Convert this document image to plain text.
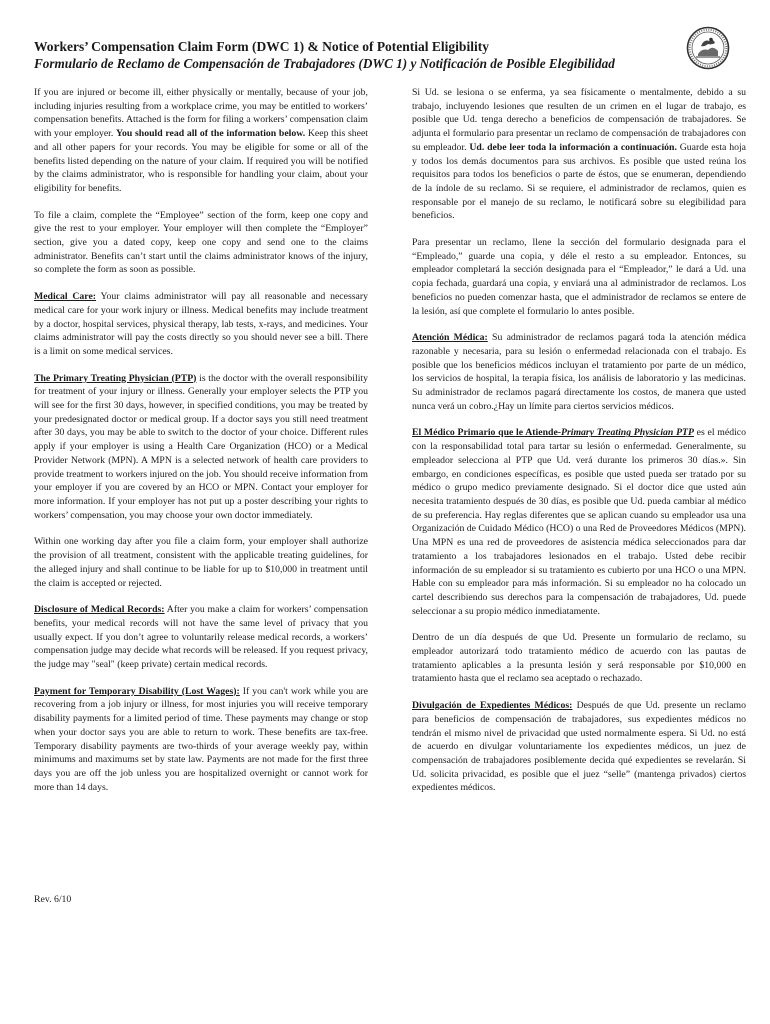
Workers’ Compensation Claim Form (DWC 1) & Notice of Potential Eligibility
Formulario de Reclamo de Compensación de Trabajadores (DWC 1) y Notificación de Posible Elegibilidad

If you are injured or become ill, either physically or mentally, because of your job, including injuries resulting from a workplace crime, you may be entitled to workers’ compensation benefits. Attached is the form for filing a workers’ compensation claim with your employer. You should read all of the information below. Keep this sheet and all other papers for your records. You may be eligible for some or all of the benefits listed depending on the nature of your claim. If required you will be notified by the claims administrator, who is responsible for handling your claim, about your eligibility for benefits.

To file a claim, complete the “Employee” section of the form, keep one copy and give the rest to your employer. Your employer will then complete the “Employer” section, give you a dated copy, keep one copy and send one to the claims administrator. Benefits can’t start until the claims administrator knows of the injury, so complete the form as soon as possible.

Medical Care: Your claims administrator will pay all reasonable and necessary medical care for your work injury or illness. Medical benefits may include treatment by a doctor, hospital services, physical therapy, lab tests, x-rays, and medicines. Your claims administrator will pay the costs directly so you should never see a bill. There is a limit on some medical services.

The Primary Treating Physician (PTP) is the doctor with the overall responsibility for treatment of your injury or illness. Generally your employer selects the PTP you will see for the first 30 days, however, in specified conditions, you may be treated by your predesignated doctor or medical group. If a doctor says you still need treatment after 30 days, you may be able to switch to the doctor of your choice. Different rules apply if your employer is using a Health Care Organization (HCO) or a Medical Provider Network (MPN). A MPN is a selected network of health care providers to provide treatment to workers injured on the job. You should receive information from your employer if you are covered by an HCO or MPN. Contact your employer for more information. If your employer has not put up a poster describing your rights to workers’ compensation, you may choose your own doctor immediately.

Within one working day after you file a claim form, your employer shall authorize the provision of all treatment, consistent with the applicable treating guidelines, for the alleged injury and shall continue to be liable for up to $10,000 in treatment until the claim is accepted or rejected.

Disclosure of Medical Records: After you make a claim for workers’ compensation benefits, your medical records will not have the same level of privacy that you usually expect. If you don’t agree to voluntarily release medical records, a workers’ compensation judge may decide what records will be released. If you request privacy, the judge may "seal" (keep private) certain medical records.

Payment for Temporary Disability (Lost Wages): If you can't work while you are recovering from a job injury or illness, for most injuries you will receive temporary disability payments for a limited period of time. These payments may change or stop when your doctor says you are able to return to work. These benefits are tax-free. Temporary disability payments are two-thirds of your average weekly pay, within minimums and maximums set by state law. Payments are not made for the first three days you are off the job unless you are hospitalized overnight or cannot work for more than 14 days.

Si Ud. se lesiona o se enferma, ya sea físicamente o mentalmente, debido a su trabajo, incluyendo lesiones que resulten de un crimen en el lugar de trabajo, es posible que Ud. tenga derecho a beneficios de compensación de trabajadores. Se adjunta el formulario para presentar un reclamo de compensación de trabajadores con su empleador. Ud. debe leer toda la información a continuación. Guarde esta hoja y todos los demás documentos para sus archivos. Es posible que usted reúna los requisitos para todos los beneficios o parte de éstos, que se enumeran, dependiendo de la índole de su reclamo. Si se requiere, el administrador de reclamos, quien es responsable por el manejo de su reclamo, le notificará sobre su elegibilidad para beneficios.

Para presentar un reclamo, llene la sección del formulario designada para el “Empleado,” guarde una copia, y déle el resto a su empleador. Entonces, su empleador completará la sección designada para el “Empleador,” le dará a Ud. una copia fechada, guardará una copia, y enviará una al administrador de reclamos. Los beneficios no pueden comenzar hasta, que el administrador de reclamos se entere de la lesión, así que complete el formulario lo antes posible.

Atención Médica: Su administrador de reclamos pagará toda la atención médica razonable y necesaria, para su lesión o enfermedad relacionada con el trabajo. Es posible que los beneficios médicos incluyan el tratamiento por parte de un médico, los servicios de hospital, la terapia física, los análisis de laboratorio y las medicinas. Su administrador de reclamos pagará directamente los costos, de manera que usted nunca verá un cobro.¿Hay un límite para ciertos servicios médicos.

El Médico Primario que le Atiende-Primary Treating Physician PTP es el médico con la responsabilidad total para tartar su lesión o enfermedad. Generalmente, su empleador selecciona al PTP que Ud. verá durante los primeros 30 días.». Sin embargo, en condiciones específicas, es posible que usted pueda ser tratado por su médico o grupo medico previamente designado. Si el doctor dice que usted aún necesita tratamiento después de 30 días, es posible que Ud. pueda cambiar al médico de su preferencia. Hay reglas diferentes que se aplican cuando su empleador usa una Organización de Cuidado Médico (HCO) o una Red de Proveedores Médicos (MPN). Una MPN es una red de proveedores de asistencia médica seleccionados para dar tratamiento a los trabajadores lesionados en el trabajo. Usted debe recibir información de su empleador si su tratamiento es cubierto por una HCO o una MPN. Hable con su empleador para más información. Si su empleador no ha colocado un cartel describiendo sus derechos para la compensación de trabajadores, Ud. puede seleccionar a su propio médico inmediatamente.

Dentro de un día después de que Ud. Presente un formulario de reclamo, su empleador autorizará todo tratamiento médico de acuerdo con las pautas de tratamiento aplicables a la presunta lesión y será responsable por $10,000 en tratamiento hasta que el reclamo sea aceptado o rechazado.

Divulgación de Expedientes Médicos: Después de que Ud. presente un reclamo para beneficios de compensación de trabajadores, sus expedientes médicos no tendrán el mismo nivel de privacidad que usted normalmente espera. Si Ud. no está de acuerdo en divulgar voluntariamente los expedientes médicos, un juez de compensación de trabajadores posiblemente decida qué expedientes se revelarán. Si Ud. solicita privacidad, es posible que el juez “selle” (mantenga privados) ciertos expedientes médicos.

Rev. 6/10
